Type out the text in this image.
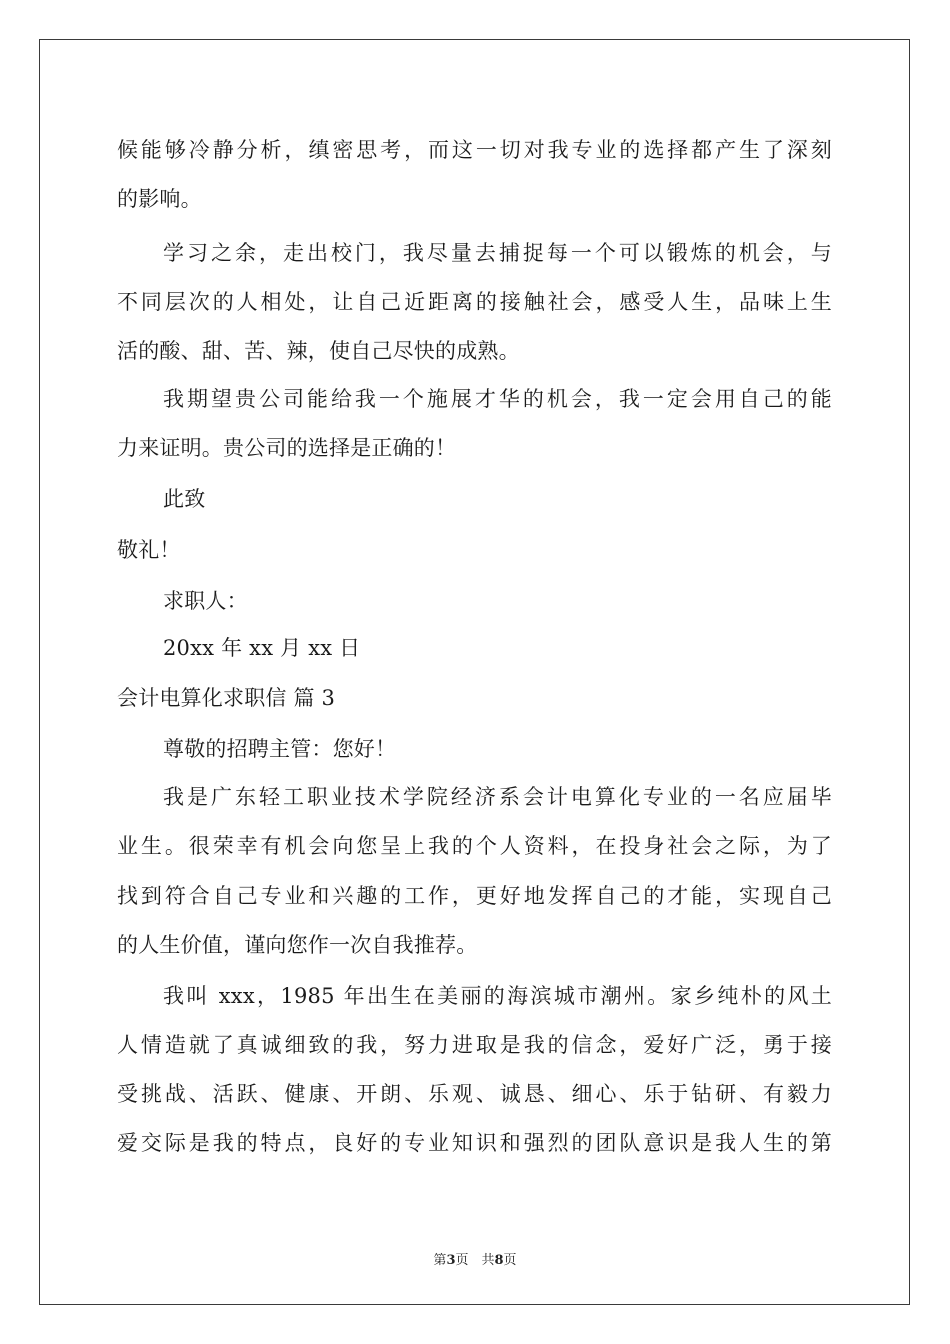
候能够冷静分析，缜密思考，而这一切对我专业的选择都产生了深刻
的影响。
学习之余，走出校门，我尽量去捕捉每一个可以锻炼的机会，与
不同层次的人相处，让自己近距离的接触社会，感受人生，品味上生
活的酸、甜、苦、辣，使自己尽快的成熟。
我期望贵公司能给我一个施展才华的机会，我一定会用自己的能
力来证明。贵公司的选择是正确的！
此致
敬礼！
求职人：
20xx 年 xx 月 xx 日
会计电算化求职信 篇 3
尊敬的招聘主管：您好！
我是广东轻工职业技术学院经济系会计电算化专业的一名应届毕
业生。很荣幸有机会向您呈上我的个人资料，在投身社会之际，为了
找到符合自己专业和兴趣的工作，更好地发挥自己的才能，实现自己
的人生价值，谨向您作一次自我推荐。
我叫 xxx，1985 年出生在美丽的海滨城市潮州。家乡纯朴的风土
人情造就了真诚细致的我，努力进取是我的信念，爱好广泛，勇于接
受挑战、活跃、健康、开朗、乐观、诚恳、细心、乐于钻研、有毅力
爱交际是我的特点，良好的专业知识和强烈的团队意识是我人生的第
第3页　共8页
